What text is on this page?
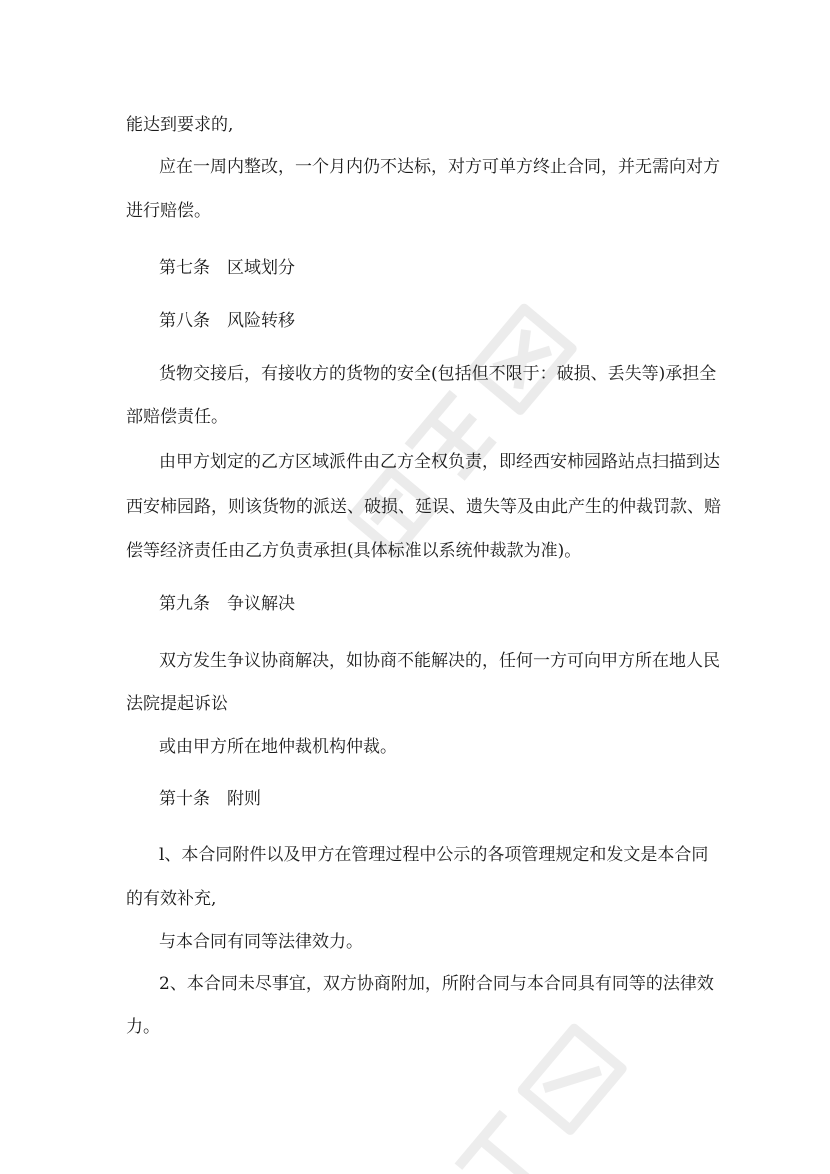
能达到要求的,
应在一周内整改，一个月内仍不达标，对方可单方终止合同，并无需向对方
进行赔偿。
第七条　区域划分
第八条　风险转移
货物交接后，有接收方的货物的安全(包括但不限于：破损、丢失等)承担全
部赔偿责任。
由甲方划定的乙方区域派件由乙方全权负责，即经西安柿园路站点扫描到达
西安柿园路，则该货物的派送、破损、延误、遗失等及由此产生的仲裁罚款、赔
偿等经济责任由乙方负责承担(具体标准以系统仲裁款为准)。
第九条　争议解决
双方发生争议协商解决，如协商不能解决的，任何一方可向甲方所在地人民
法院提起诉讼
或由甲方所在地仲裁机构仲裁。
第十条　附则
l、本合同附件以及甲方在管理过程中公示的各项管理规定和发文是本合同
的有效补充,
与本合同有同等法律效力。
2、本合同未尽事宜，双方协商附加，所附合同与本合同具有同等的法律效
力。
